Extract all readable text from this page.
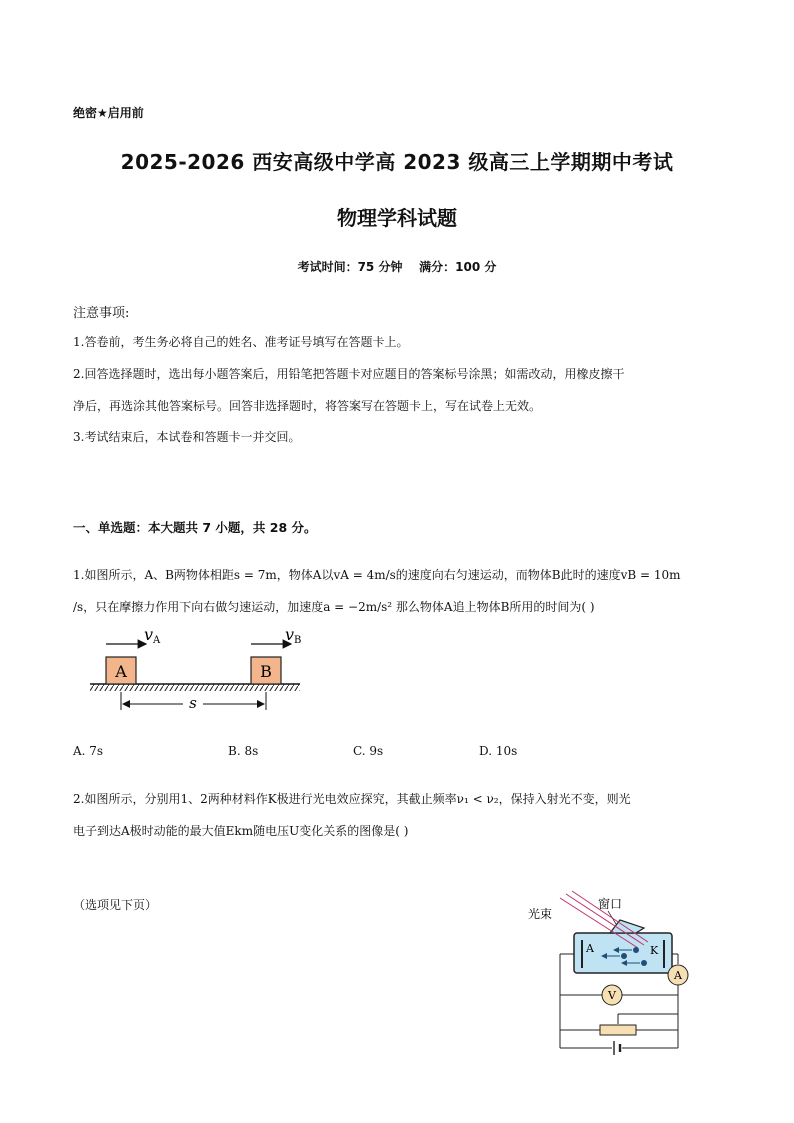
绝密★启用前
2025-2026 西安高级中学高 2023 级高三上学期期中考试
物理学科试题
考试时间：75 分钟    满分：100 分
注意事项:
1.答卷前，考生务必将自己的姓名、准考证号填写在答题卡上。
2.回答选择题时，选出每小题答案后，用铅笔把答题卡对应题目的答案标号涂黑；如需改动，用橡皮擦干
净后，再选涂其他答案标号。回答非选择题时，将答案写在答题卡上，写在试卷上无效。
3.考试结束后，本试卷和答题卡一并交回。
一、单选题：本大题共 7 小题，共 28 分。
1.如图所示，A、B两物体相距s = 7m，物体A以vA = 4m/s的速度向右匀速运动，而物体B此时的速度vB = 10m
/s，只在摩擦力作用下向右做匀速运动，加速度a = −2m/s² 那么物体A追上物体B所用的时间为( )
A	B
v A	v B
s
A. 7s	B. 8s	C. 9s	D. 10s
2.如图所示，分别用1、2两种材料作K极进行光电效应探究，其截止频率ν₁ < ν₂，保持入射光不变，则光
电子到达A极时动能的最大值Ekm随电压U变化关系的图像是( )
（选项见下页）
光束
窗口
A	K
A
V
